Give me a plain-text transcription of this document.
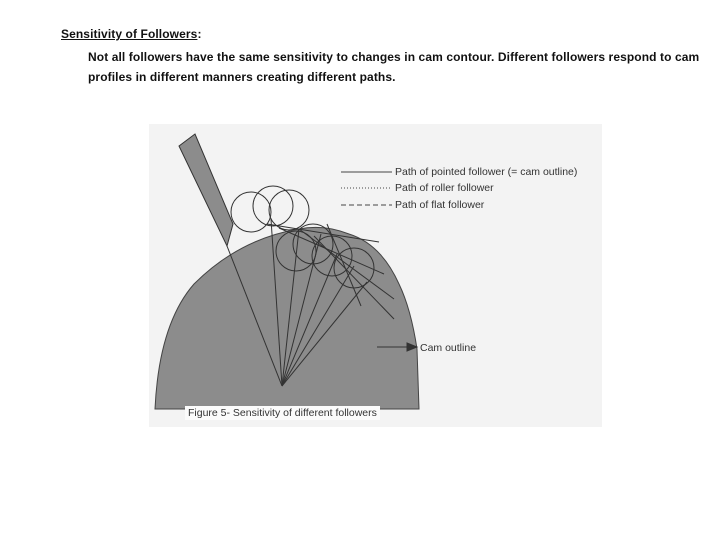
Sensitivity of Followers:
Not all followers have the same sensitivity to changes in cam contour. Different followers respond to cam profiles in different manners creating different paths.
Path of pointed follower (= cam outline)
Path of roller follower
Path of flat follower
Cam outline
Figure 5- Sensitivity of different followers
